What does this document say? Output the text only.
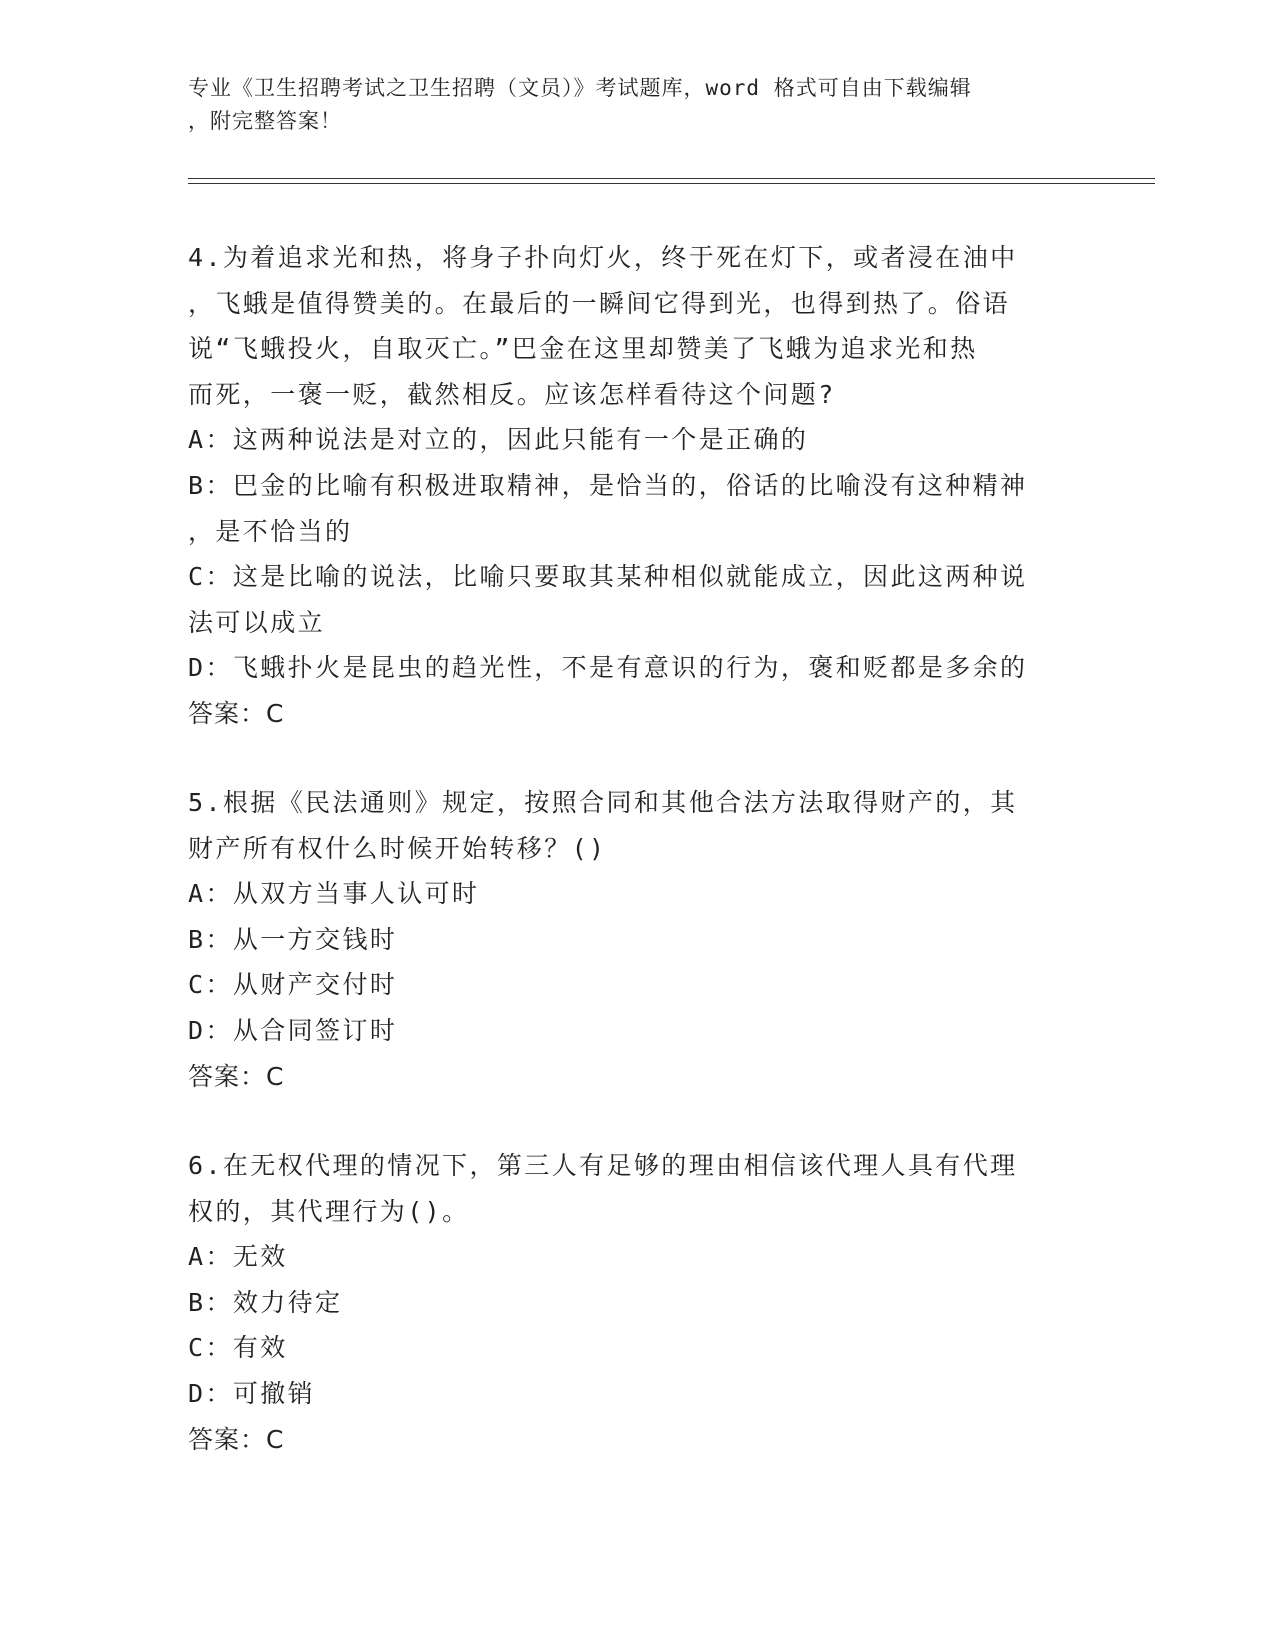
专业《卫生招聘考试之卫生招聘（文员）》考试题库，word 格式可自由下载编辑
，附完整答案！
4.为着追求光和热，将身子扑向灯火，终于死在灯下，或者浸在油中
，飞蛾是值得赞美的。在最后的一瞬间它得到光，也得到热了。俗语
说“飞蛾投火，自取灭亡。”巴金在这里却赞美了飞蛾为追求光和热
而死，一褒一贬，截然相反。应该怎样看待这个问题?
A：这两种说法是对立的，因此只能有一个是正确的
B：巴金的比喻有积极进取精神，是恰当的，俗话的比喻没有这种精神
，是不恰当的
C：这是比喻的说法，比喻只要取其某种相似就能成立，因此这两种说
法可以成立
D：飞蛾扑火是昆虫的趋光性，不是有意识的行为，褒和贬都是多余的
答案：C
5.根据《民法通则》规定，按照合同和其他合法方法取得财产的，其
财产所有权什么时候开始转移？()
A：从双方当事人认可时
B：从一方交钱时
C：从财产交付时
D：从合同签订时
答案：C
6.在无权代理的情况下，第三人有足够的理由相信该代理人具有代理
权的，其代理行为()。
A：无效
B：效力待定
C：有效
D：可撤销
答案：C
